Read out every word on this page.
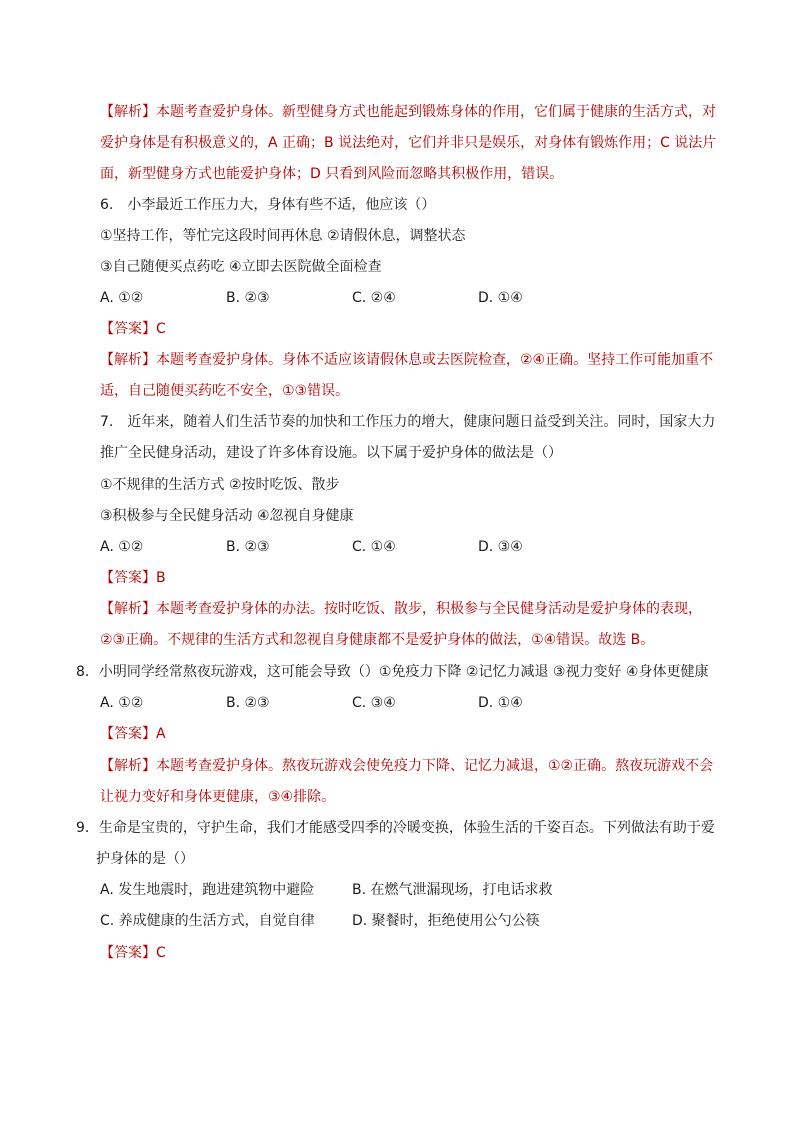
【解析】本题考查爱护身体。新型健身方式也能起到锻炼身体的作用，它们属于健康的生活方式，对
爱护身体是有积极意义的，A 正确；B 说法绝对，它们并非只是娱乐，对身体有锻炼作用；C 说法片
面，新型健身方式也能爱护身体；D 只看到风险而忽略其积极作用，错误。
6.　小李最近工作压力大，身体有些不适，他应该（）
①坚持工作，等忙完这段时间再休息 ②请假休息，调整状态
③自己随便买点药吃 ④立即去医院做全面检查
A. ①②	B. ②③	C. ②④	D. ①④
【答案】C
【解析】本题考查爱护身体。身体不适应该请假休息或去医院检查，②④正确。坚持工作可能加重不
适，自己随便买药吃不安全，①③错误。
7.　近年来，随着人们生活节奏的加快和工作压力的增大，健康问题日益受到关注。同时，国家大力
推广全民健身活动，建设了许多体育设施。以下属于爱护身体的做法是（）
①不规律的生活方式 ②按时吃饭、散步
③积极参与全民健身活动 ④忽视自身健康
A. ①②	B. ②③	C. ①④	D. ③④
【答案】B
【解析】本题考查爱护身体的办法。按时吃饭、散步，积极参与全民健身活动是爱护身体的表现，
②③正确。不规律的生活方式和忽视自身健康都不是爱护身体的做法，①④错误。故选 B。
8．小明同学经常熬夜玩游戏，这可能会导致（）①免疫力下降 ②记忆力减退 ③视力变好 ④身体更健康
A. ①②	B. ②③	C. ③④	D. ①④
【答案】A
【解析】本题考查爱护身体。熬夜玩游戏会使免疫力下降、记忆力减退，①②正确。熬夜玩游戏不会
让视力变好和身体更健康，③④排除。
9．生命是宝贵的，守护生命，我们才能感受四季的冷暖变换，体验生活的千姿百态。下列做法有助于爱
护身体的是（）
A. 发生地震时，跑进建筑物中避险	B. 在燃气泄漏现场，打电话求救
C. 养成健康的生活方式，自觉自律	D. 聚餐时，拒绝使用公勺公筷
【答案】C
